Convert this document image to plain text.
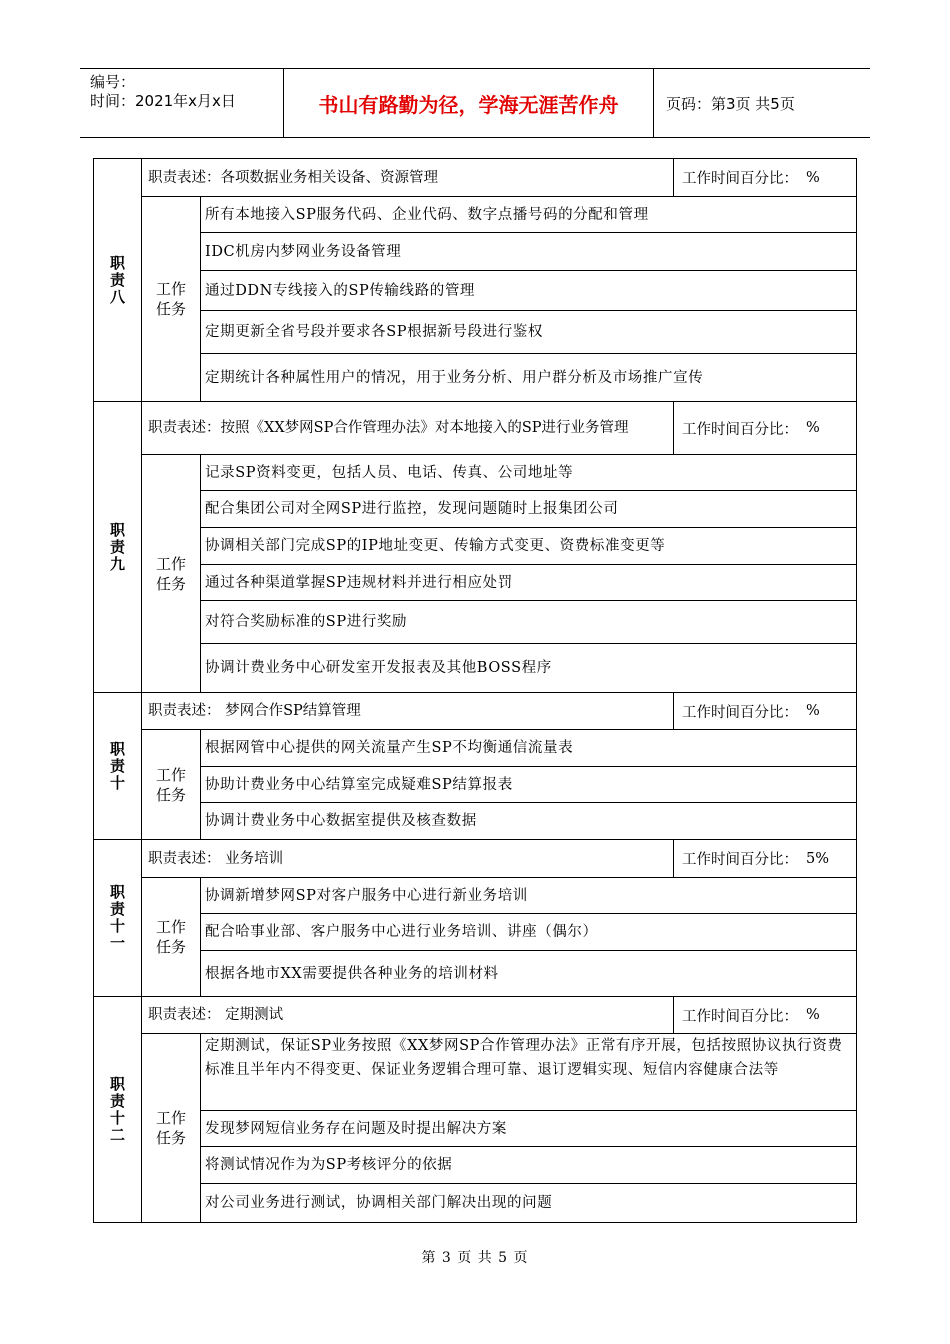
编号：
时间：2021年x月x日	书山有路勤为径，学海无涯苦作舟	页码：第3页 共5页
职责八
职责表述：各项数据业务相关设备、资源管理	工作时间百分比： %
工作任务
所有本地接入SP服务代码、企业代码、数字点播号码的分配和管理
IDC机房内梦网业务设备管理
通过DDN专线接入的SP传输线路的管理
定期更新全省号段并要求各SP根据新号段进行鉴权
定期统计各种属性用户的情况，用于业务分析、用户群分析及市场推广宣传
职责九
职责表述：按照《XX梦网SP合作管理办法》对本地接入的SP进行业务管理	工作时间百分比： %
工作任务
记录SP资料变更，包括人员、电话、传真、公司地址等
配合集团公司对全网SP进行监控，发现问题随时上报集团公司
协调相关部门完成SP的IP地址变更、传输方式变更、资费标准变更等
通过各种渠道掌握SP违规材料并进行相应处罚
对符合奖励标准的SP进行奖励
协调计费业务中心研发室开发报表及其他BOSS程序
职责十
职责表述： 梦网合作SP结算管理	工作时间百分比： %
工作任务
根据网管中心提供的网关流量产生SP不均衡通信流量表
协助计费业务中心结算室完成疑难SP结算报表
协调计费业务中心数据室提供及核查数据
职责十一
职责表述： 业务培训	工作时间百分比： 5%
工作任务
协调新增梦网SP对客户服务中心进行新业务培训
配合哈事业部、客户服务中心进行业务培训、讲座（偶尔）
根据各地市XX需要提供各种业务的培训材料
职责十二
职责表述： 定期测试	工作时间百分比： %
工作任务
定期测试，保证SP业务按照《XX梦网SP合作管理办法》正常有序开展，包括按照协议执行资费标准且半年内不得变更、保证业务逻辑合理可靠、退订逻辑实现、短信内容健康合法等
发现梦网短信业务存在问题及时提出解决方案
将测试情况作为为SP考核评分的依据
对公司业务进行测试，协调相关部门解决出现的问题
第 3 页 共 5 页
